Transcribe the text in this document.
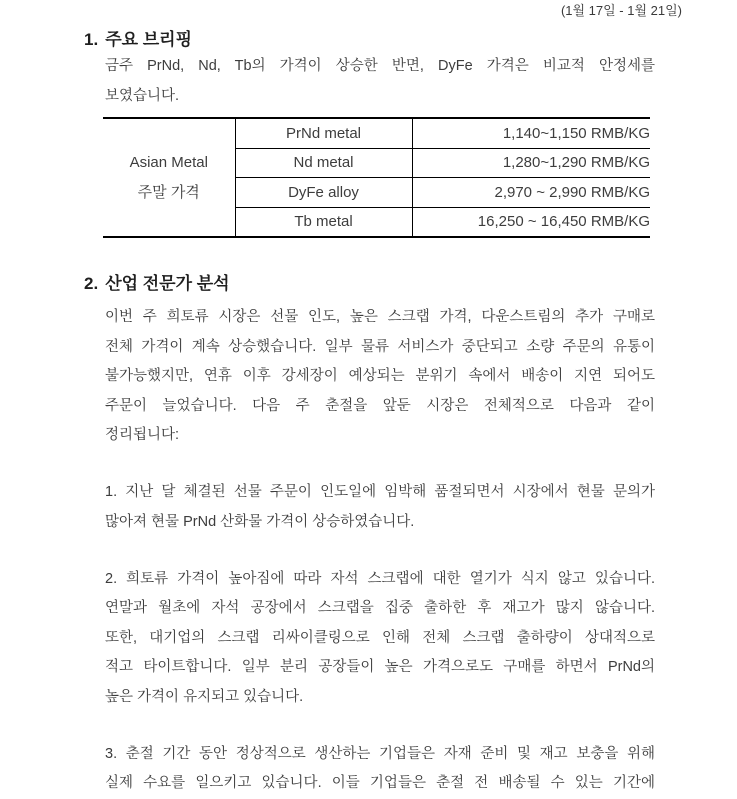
(1월 17일 - 1월 21일)
1. 주요 브리핑
금주 PrNd, Nd, Tb의 가격이 상승한 반면, DyFe 가격은 비교적 안정세를
보였습니다.
Asian Metal
주말 가격	PrNd metal	1,140~1,150 RMB/KG
	Nd metal	1,280~1,290 RMB/KG
	DyFe alloy	2,970 ~ 2,990 RMB/KG
	Tb metal	16,250 ~ 16,450 RMB/KG
2. 산업 전문가 분석
이번 주 희토류 시장은 선물 인도, 높은 스크랩 가격, 다운스트림의 추가 구매로
전체 가격이 계속 상승했습니다. 일부 물류 서비스가 중단되고 소량 주문의 유통이
불가능했지만, 연휴 이후 강세장이 예상되는 분위기 속에서 배송이 지연 되어도
주문이 늘었습니다. 다음 주 춘절을 앞둔 시장은 전체적으로 다음과 같이
정리됩니다:
1. 지난 달 체결된 선물 주문이 인도일에 임박해 품절되면서 시장에서 현물 문의가
많아져 현물 PrNd 산화물 가격이 상승하였습니다.
2. 희토류 가격이 높아짐에 따라 자석 스크랩에 대한 열기가 식지 않고 있습니다.
연말과 월초에 자석 공장에서 스크랩을 집중 출하한 후 재고가 많지 않습니다.
또한, 대기업의 스크랩 리싸이클링으로 인해 전체 스크랩 출하량이 상대적으로
적고 타이트합니다. 일부 분리 공장들이 높은 가격으로도 구매를 하면서 PrNd의
높은 가격이 유지되고 있습니다.
3. 춘절 기간 동안 정상적으로 생산하는 기업들은 자재 준비 및 재고 보충을 위해
실제 수요를 일으키고 있습니다. 이들 기업들은 춘절 전 배송될 수 있는 기간에
